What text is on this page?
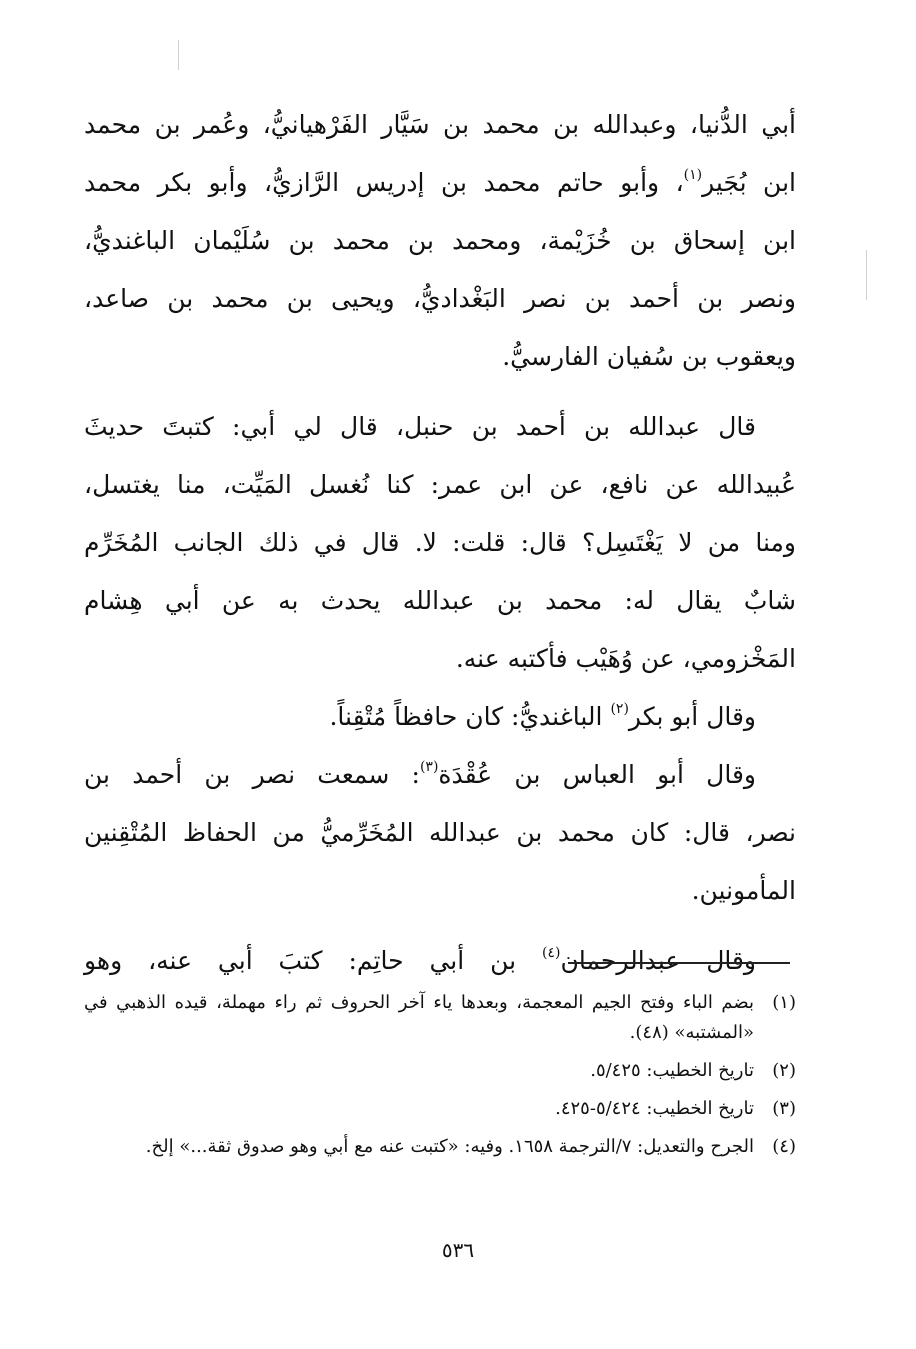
أبي الدُّنيا، وعبدالله بن محمد بن سَيَّار الفَرْهيانيُّ، وعُمر بن محمد
ابن بُجَير$^{(١)}$، وأبو حاتم محمد بن إدريس الرَّازيُّ، وأبو بكر محمد
ابن إسحاق بن خُزَيْمة، ومحمد بن محمد بن سُلَيْمان الباغنديُّ،
ونصر بن أحمد بن نصر البَغْداديُّ، ويحيى بن محمد بن صاعد،
ويعقوب بن سُفيان الفارسيُّ.

قال عبدالله بن أحمد بن حنبل، قال لي أبي: كتبتَ حديثَ
عُبيدالله عن نافع، عن ابن عمر: كنا نُغسل المَيِّت، منا يغتسل،
ومنا من لا يَغْتَسِل؟ قال: قلت: لا. قال في ذلك الجانب المُخَرِّم
شابٌ يقال له: محمد بن عبدالله يحدث به عن أبي هِشام
المَخْزومي، عن وُهَيْب فأكتبه عنه.

وقال أبو بكر$^{(٢)}$ الباغنديُّ: كان حافظاً مُتْقِناً.

وقال أبو العباس بن عُقْدَة$^{(٣)}$: سمعت نصر بن أحمد بن
نصر، قال: كان محمد بن عبدالله المُخَرِّميُّ من الحفاظ المُتْقِنين
المأمونين.

وقال عبدالرحمان$^{(٤)}$ بن أبي حاتِم: كتبَ أبي عنه، وهو

(١)
بضم الباء وفتح الجيم المعجمة، وبعدها ياء آخر الحروف ثم راء مهملة، قيده الذهبي في «المشتبه» (٤٨).
(٢)
تاريخ الخطيب: ٥/٤٢٥.
(٣)
تاريخ الخطيب: ٥/٤٢٤-٤٢٥.
(٤)
الجرح والتعديل: ٧/الترجمة ١٦٥٨. وفيه: «كتبت عنه مع أبي وهو صدوق ثقة...» إلخ.
٥٣٦
